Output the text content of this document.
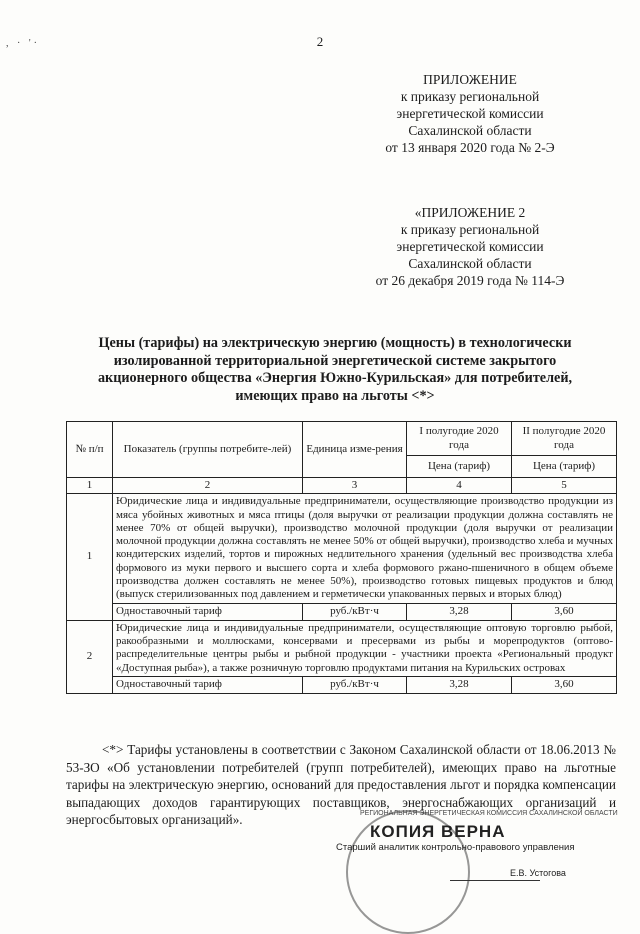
, · '·	2
ПРИЛОЖЕНИЕ
к приказу региональной
энергетической комиссии
Сахалинской области
от 13 января 2020 года № 2-Э
«ПРИЛОЖЕНИЕ 2
к приказу региональной
энергетической комиссии
Сахалинской области
от 26 декабря 2019 года № 114-Э
Цены (тарифы) на электрическую энергию (мощность) в технологически
изолированной территориальной энергетической системе закрытого
акционерного общества «Энергия Южно-Курильская» для потребителей,
имеющих право на льготы <*>
№ п/п	Показатель (группы потребите-лей)	Единица изме-рения	I полугодие 2020 года	II полугодие 2020 года
			Цена (тариф)	Цена (тариф)
1	2	3	4	5
1	Юридические лица и индивидуальные предприниматели, осуществляющие производство продукции из мяса убойных животных и мяса птицы (доля выручки от реализации продукции должна составлять не менее 70% от общей выручки), производство молочной продукции (доля выручки от реализации молочной продукции должна составлять не менее 50% от общей выручки), производство хлеба и мучных кондитерских изделий, тортов и пирожных недлительного хранения (удельный вес производства хлеба формового из муки первого и высшего сорта и хлеба формового ржано-пшеничного в общем объеме производства должен составлять не менее 50%), производство готовых пищевых продуктов и блюд (выпуск стерилизованных под давлением и герметически упакованных первых и вторых блюд)			
	Одноставочный тариф	руб./кВт·ч	3,28	3,60
2	Юридические лица и индивидуальные предприниматели, осуществляющие оптовую торговлю рыбой, ракообразными и моллюсками, консервами и пресервами из рыбы и морепродуктов (оптово-распределительные центры рыбы и рыбной продукции - участники проекта «Региональный продукт «Доступная рыба»), а также розничную торговлю продуктами питания на Курильских островах			
	Одноставочный тариф	руб./кВт·ч	3,28	3,60

<*> Тарифы установлены в соответствии с Законом Сахалинской области от 18.06.2013 № 53-ЗО «Об установлении потребителей (групп потребителей), имеющих право на льготные тарифы на электрическую энергию, оснований для предоставления льгот и порядка компенсации выпадающих доходов гарантирующих поставщиков, энергоснабжающих организаций и энергосбытовых организаций».	РЕГИОНАЛЬНАЯ ЭНЕРГЕТИЧЕСКАЯ КОМИССИЯ САХАЛИНСКОЙ ОБЛАСТИ
КОПИЯ ВЕРНА
Старший аналитик контрольно-правового управления
Е.В. Устогова
